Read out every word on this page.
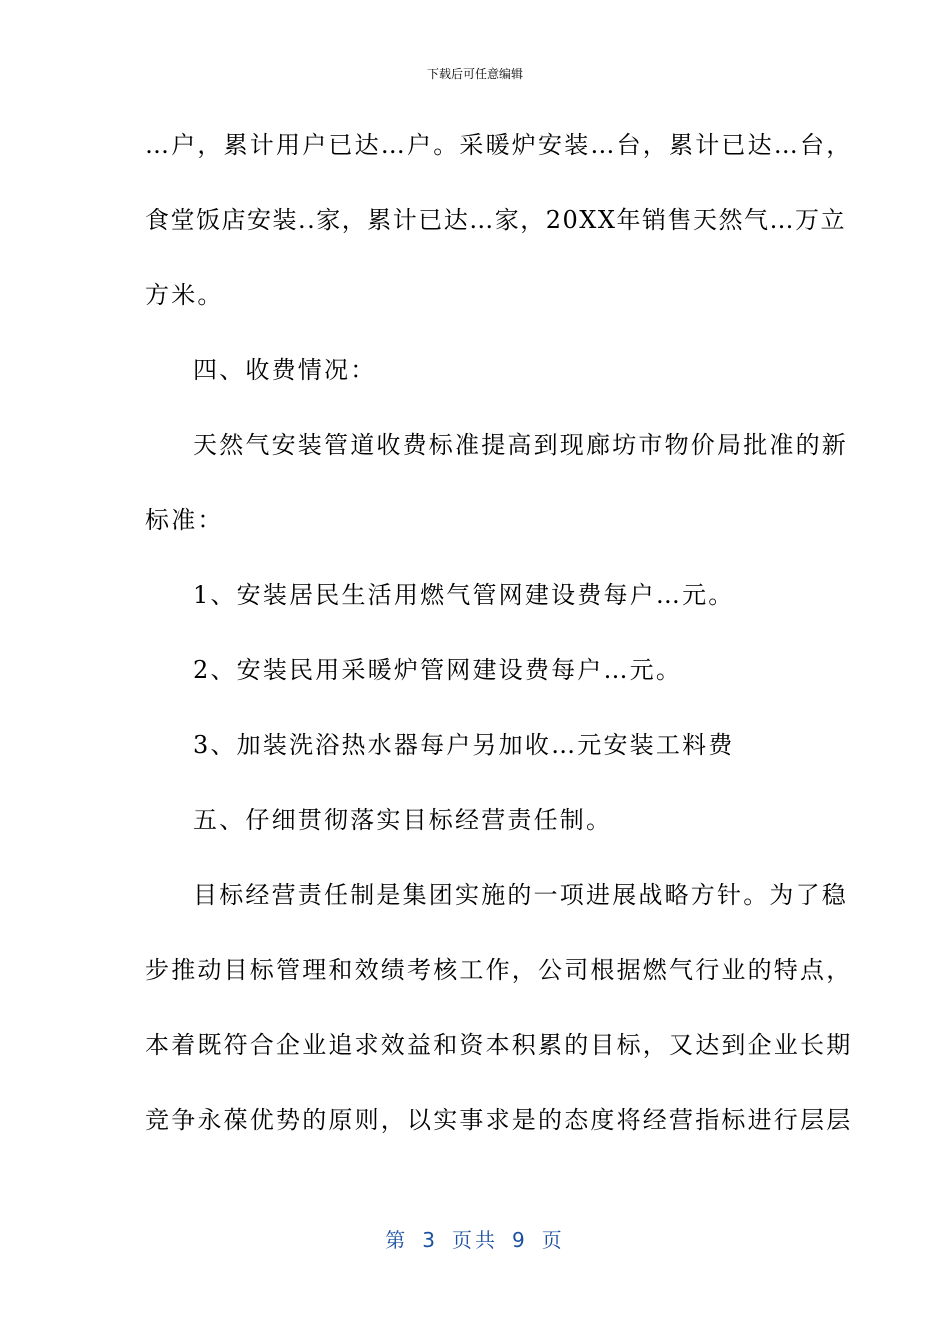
下载后可任意编辑
…户，累计用户已达…户。采暖炉安装…台，累计已达…台，
食堂饭店安装..家，累计已达…家，20XX年销售天然气…万立
方米。
四、收费情况：
天然气安装管道收费标准提高到现廊坊市物价局批准的新
标准：
1、安装居民生活用燃气管网建设费每户…元。
2、安装民用采暖炉管网建设费每户…元。
3、加装洗浴热水器每户另加收…元安装工料费
五、仔细贯彻落实目标经营责任制。
目标经营责任制是集团实施的一项进展战略方针。为了稳
步推动目标管理和效绩考核工作，公司根据燃气行业的特点，
本着既符合企业追求效益和资本积累的目标，又达到企业长期
竞争永葆优势的原则，以实事求是的态度将经营指标进行层层
第 3 页共 9 页
